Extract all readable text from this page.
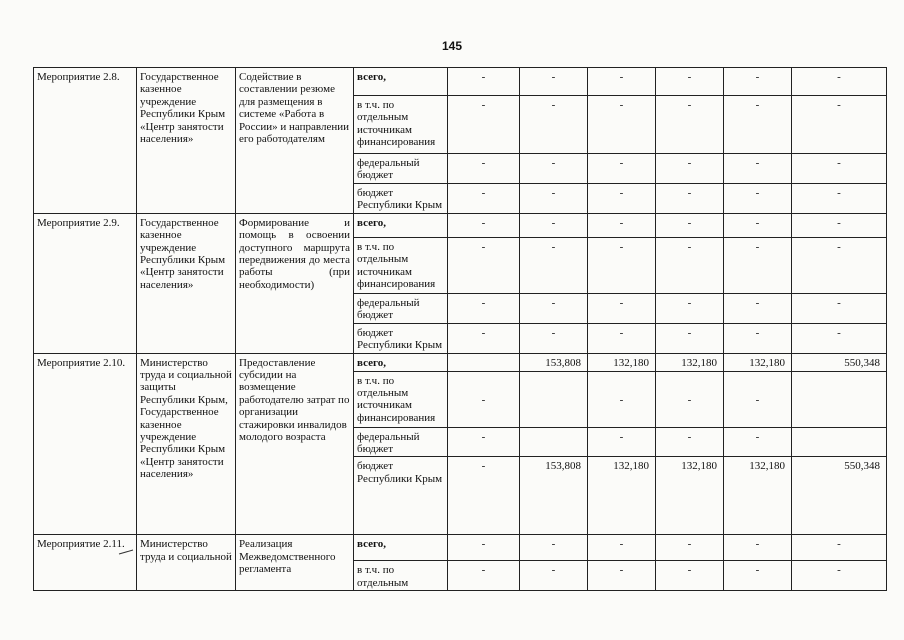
145
Мероприятие 2.8.	Государственное казенное учреждение Республики Крым «Центр занятости населения»	Содействие в составлении резюме для размещения в системе «Работа в России» и направлении его работодателям	всего,	-	-	-	-	-	-
			в т.ч. по отдельным источникам финансирования	-	-	-	-	-	-
			федеральный бюджет	-	-	-	-	-	-
			бюджет Республики Крым	-	-	-	-	-	-
Мероприятие 2.9.	Государственное казенное учреждение Республики Крым «Центр занятости населения»	Формирование и помощь в освоении доступного маршрута передвижения до места работы (при необходимости)	всего,	-	-	-	-	-	-
			в т.ч. по отдельным источникам финансирования	-	-	-	-	-	-
			федеральный бюджет	-	-	-	-	-	-
			бюджет Республики Крым	-	-	-	-	-	-
Мероприятие 2.10.	Министерство труда и социальной защиты Республики Крым, Государственное казенное учреждение Республики Крым «Центр занятости населения»	Предоставление субсидии на возмещение работодателю затрат по организации стажировки инвалидов молодого возраста	всего,		153,808	132,180	132,180	132,180	550,348
			в т.ч. по отдельным источникам финансирования	-		-	-	-	
			федеральный бюджет	-		-	-	-	
			бюджет Республики Крым	-	153,808	132,180	132,180	132,180	550,348
Мероприятие 2.11.	Министерство труда и социальной	Реализация Межведомственного регламента	всего,	-	-	-	-	-	-
			в т.ч. по отдельным	-	-	-	-	-	-
